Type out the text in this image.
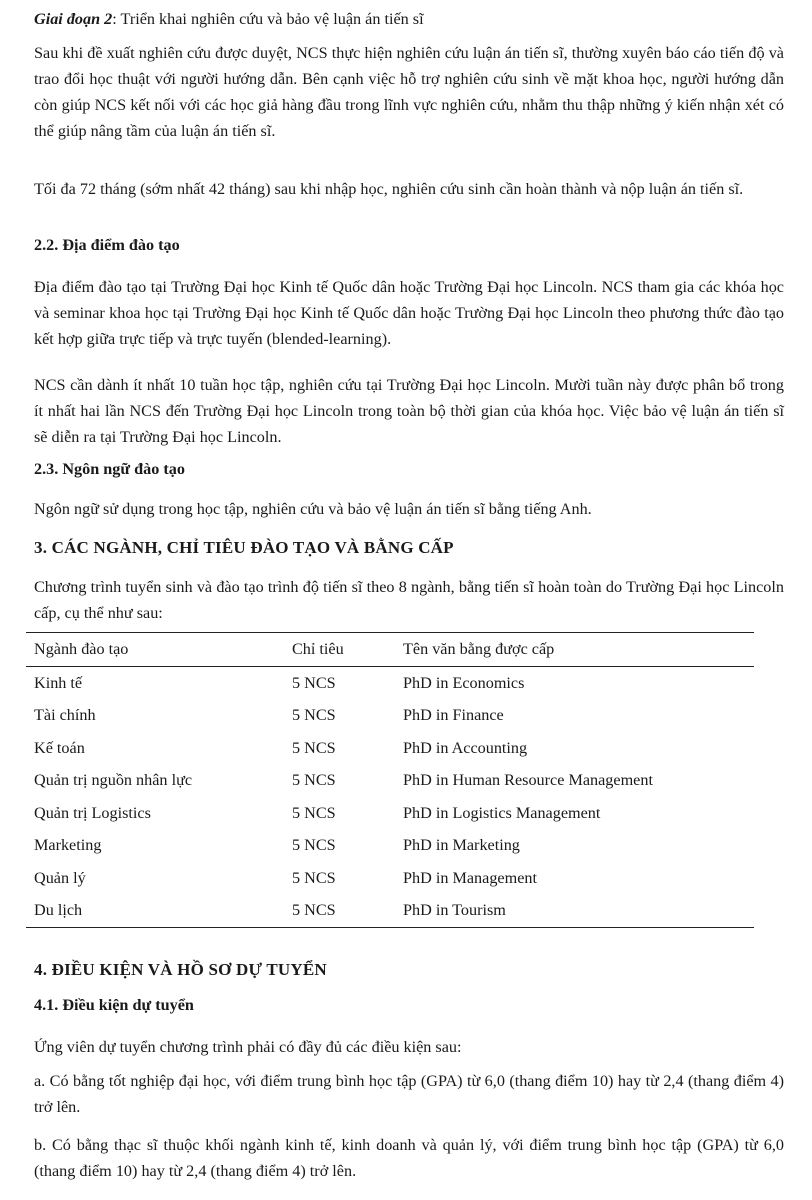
Giai đoạn 2: Triển khai nghiên cứu và bảo vệ luận án tiến sĩ

Sau khi đề xuất nghiên cứu được duyệt, NCS thực hiện nghiên cứu luận án tiến sĩ, thường xuyên báo cáo tiến độ và trao đổi học thuật với người hướng dẫn. Bên cạnh việc hỗ trợ nghiên cứu sinh về mặt khoa học, người hướng dẫn còn giúp NCS kết nối với các học giả hàng đầu trong lĩnh vực nghiên cứu, nhằm thu thập những ý kiến nhận xét có thể giúp nâng tầm của luận án tiến sĩ.

Tối đa 72 tháng (sớm nhất 42 tháng) sau khi nhập học, nghiên cứu sinh cần hoàn thành và nộp luận án tiến sĩ.

2.2. Địa điểm đào tạo

Địa điểm đào tạo tại Trường Đại học Kinh tế Quốc dân hoặc Trường Đại học Lincoln. NCS tham gia các khóa học và seminar khoa học tại Trường Đại học Kinh tế Quốc dân hoặc Trường Đại học Lincoln theo phương thức đào tạo kết hợp giữa trực tiếp và trực tuyến (blended-learning).

NCS cần dành ít nhất 10 tuần học tập, nghiên cứu tại Trường Đại học Lincoln. Mười tuần này được phân bổ trong ít nhất hai lần NCS đến Trường Đại học Lincoln trong toàn bộ thời gian của khóa học. Việc bảo vệ luận án tiến sĩ sẽ diễn ra tại Trường Đại học Lincoln.

2.3. Ngôn ngữ đào tạo

Ngôn ngữ sử dụng trong học tập, nghiên cứu và bảo vệ luận án tiến sĩ bằng tiếng Anh.

3. CÁC NGÀNH, CHỈ TIÊU ĐÀO TẠO VÀ BẰNG CẤP

Chương trình tuyển sinh và đào tạo trình độ tiến sĩ theo 8 ngành, bằng tiến sĩ hoàn toàn do Trường Đại học Lincoln cấp, cụ thể như sau:

Ngành đào tạo	Chỉ tiêu	Tên văn bằng được cấp
Kinh tế	5 NCS	PhD in Economics
Tài chính	5 NCS	PhD in Finance
Kế toán	5 NCS	PhD in Accounting
Quản trị nguồn nhân lực	5 NCS	PhD in Human Resource Management
Quản trị Logistics	5 NCS	PhD in Logistics Management
Marketing	5 NCS	PhD in Marketing
Quản lý	5 NCS	PhD in Management
Du lịch	5 NCS	PhD in Tourism
4. ĐIỀU KIỆN VÀ HỒ SƠ DỰ TUYỂN
4.1. Điều kiện dự tuyển

Ứng viên dự tuyển chương trình phải có đầy đủ các điều kiện sau:

a. Có bằng tốt nghiệp đại học, với điểm trung bình học tập (GPA) từ 6,0 (thang điểm 10) hay từ 2,4 (thang điểm 4) trở lên.

b. Có bằng thạc sĩ thuộc khối ngành kinh tế, kinh doanh và quản lý, với điểm trung bình học tập (GPA) từ 6,0 (thang điểm 10) hay từ 2,4 (thang điểm 4) trở lên.
